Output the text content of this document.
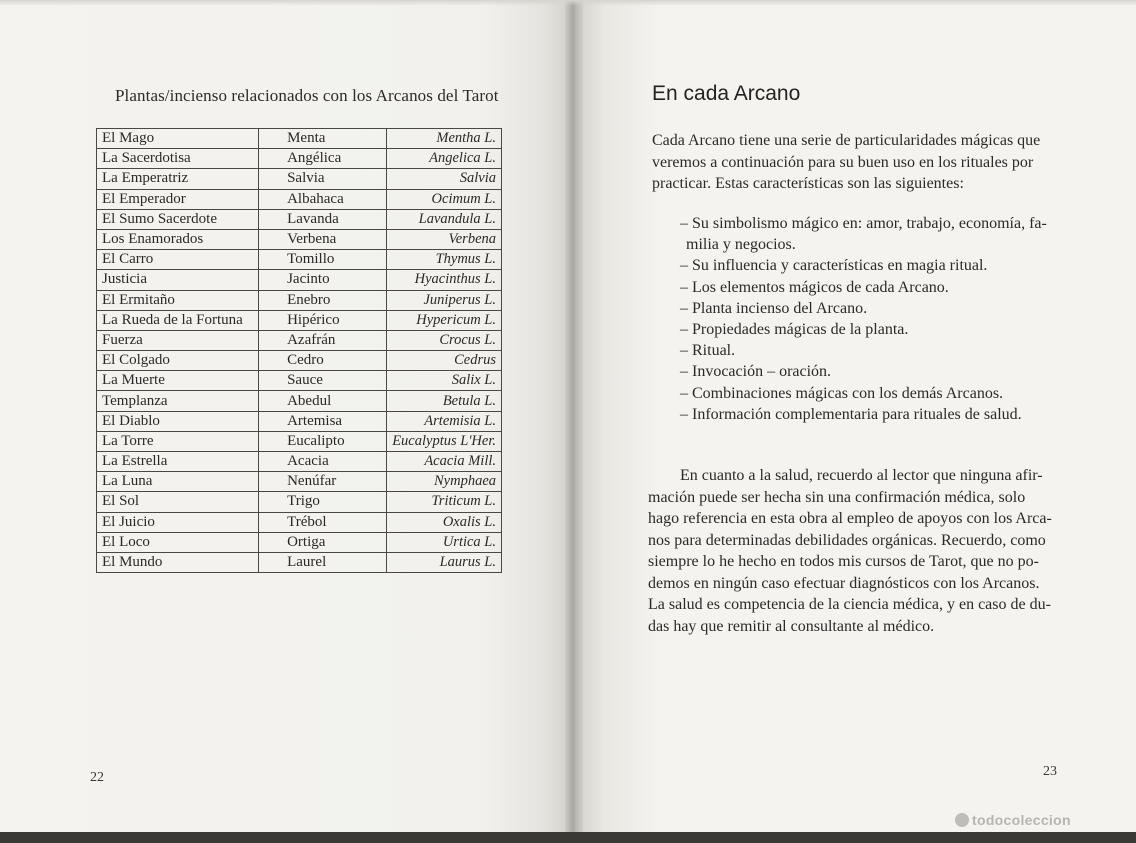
Plantas/incienso relacionados con los Arcanos del Tarot
El Mago	Menta	Mentha L.
La Sacerdotisa	Angélica	Angelica L.
La Emperatriz	Salvia	Salvia
El Emperador	Albahaca	Ocimum L.
El Sumo Sacerdote	Lavanda	Lavandula L.
Los Enamorados	Verbena	Verbena
El Carro	Tomillo	Thymus L.
Justicia	Jacinto	Hyacinthus L.
El Ermitaño	Enebro	Juniperus L.
La Rueda de la Fortuna	Hipérico	Hypericum L.
Fuerza	Azafrán	Crocus L.
El Colgado	Cedro	Cedrus
La Muerte	Sauce	Salix L.
Templanza	Abedul	Betula L.
El Diablo	Artemisa	Artemisia L.
La Torre	Eucalipto	Eucalyptus L'Her.
La Estrella	Acacia	Acacia Mill.
La Luna	Nenúfar	Nymphaea
El Sol	Trigo	Triticum L.
El Juicio	Trébol	Oxalis L.
El Loco	Ortiga	Urtica L.
El Mundo	Laurel	Laurus L.
22
En cada Arcano
Cada Arcano tiene una serie de particularidades mágicas que
veremos a continuación para su buen uso en los rituales por
practicar. Estas características son las siguientes:
– Su simbolismo mágico en: amor, trabajo, economía, fa-
milia y negocios.
– Su influencia y características en magia ritual.
– Los elementos mágicos de cada Arcano.
– Planta incienso del Arcano.
– Propiedades mágicas de la planta.
– Ritual.
– Invocación – oración.
– Combinaciones mágicas con los demás Arcanos.
– Información complementaria para rituales de salud.
En cuanto a la salud, recuerdo al lector que ninguna afir-
mación puede ser hecha sin una confirmación médica, solo
hago referencia en esta obra al empleo de apoyos con los Arca-
nos para determinadas debilidades orgánicas. Recuerdo, como
siempre lo he hecho en todos mis cursos de Tarot, que no po-
demos en ningún caso efectuar diagnósticos con los Arcanos.
La salud es competencia de la ciencia médica, y en caso de du-
das hay que remitir al consultante al médico.
23
todocoleccion
